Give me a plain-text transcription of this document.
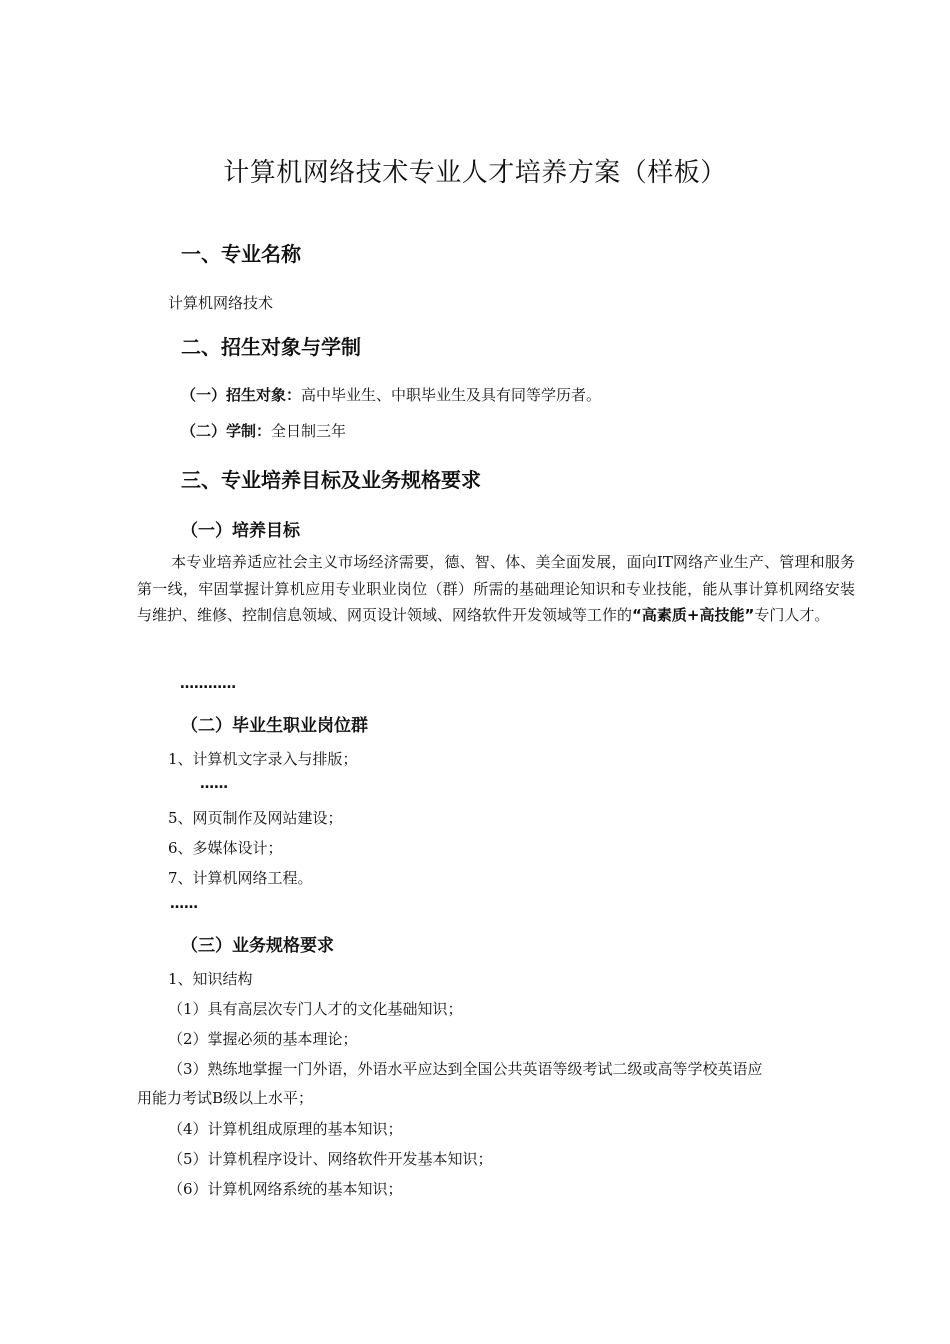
计算机网络技术专业人才培养方案（样板）
一、专业名称
计算机网络技术
二、招生对象与学制
（一）招生对象：高中毕业生、中职毕业生及具有同等学历者。
（二）学制：全日制三年
三、专业培养目标及业务规格要求
（一）培养目标
本专业培养适应社会主义市场经济需要，德、智、体、美全面发展，面向IT网络产业生产、管理和服务第一线，牢固掌握计算机应用专业职业岗位（群）所需的基础理论知识和专业技能，能从事计算机网络安装与维护、维修、控制信息领域、网页设计领域、网络软件开发领域等工作的“高素质+高技能”专门人才。
…………
（二）毕业生职业岗位群
1、计算机文字录入与排版；
……
5、网页制作及网站建设；
6、多媒体设计；
7、计算机网络工程。
……
（三）业务规格要求
1、知识结构
（1）具有高层次专门人才的文化基础知识；
（2）掌握必须的基本理论；
（3）熟练地掌握一门外语，外语水平应达到全国公共英语等级考试二级或高等学校英语应
用能力考试B级以上水平；
（4）计算机组成原理的基本知识；
（5）计算机程序设计、网络软件开发基本知识；
（6）计算机网络系统的基本知识；
